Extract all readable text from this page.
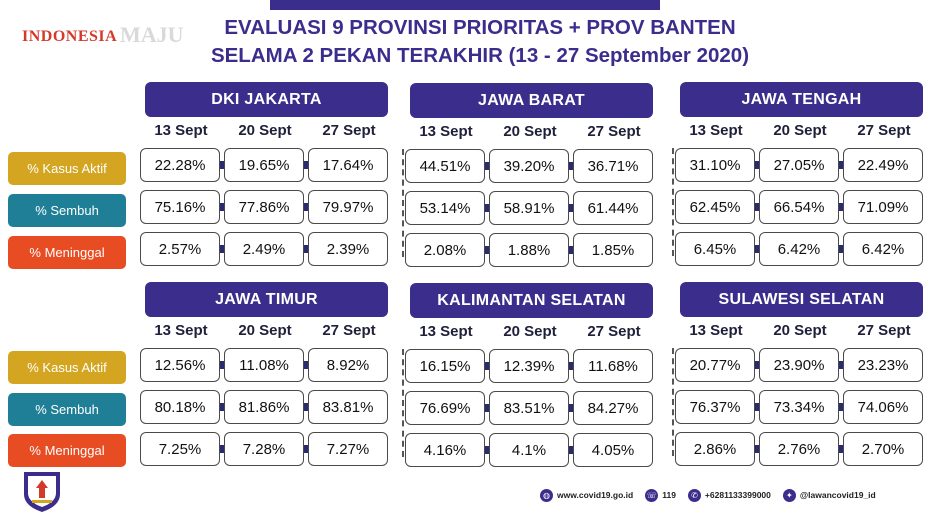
INDONESIA MAJU	EVALUASI 9 PROVINSI PRIORITAS + PROV BANTEN
SELAMA 2 PEKAN TERAKHIR (13 - 27 September 2020)
% Kasus Aktif
% Sembuh
% Meninggal
% Kasus Aktif
% Sembuh
% Meninggal
DKI JAKARTA
13 Sept	20 Sept	27 Sept
22.28%	19.65%	17.64%
75.16%	77.86%	79.97%
2.57%	2.49%	2.39%
JAWA BARAT
13 Sept	20 Sept	27 Sept
44.51%	39.20%	36.71%
53.14%	58.91%	61.44%
2.08%	1.88%	1.85%
JAWA TENGAH
13 Sept	20 Sept	27 Sept
31.10%	27.05%	22.49%
62.45%	66.54%	71.09%
6.45%	6.42%	6.42%
JAWA TIMUR
13 Sept	20 Sept	27 Sept
12.56%	11.08%	8.92%
80.18%	81.86%	83.81%
7.25%	7.28%	7.27%
KALIMANTAN SELATAN
13 Sept	20 Sept	27 Sept
16.15%	12.39%	11.68%
76.69%	83.51%	84.27%
4.16%	4.1%	4.05%
SULAWESI SELATAN
13 Sept	20 Sept	27 Sept
20.77%	23.90%	23.23%
76.37%	73.34%	74.06%
2.86%	2.76%	2.70%
◍ www.covid19.go.id ☏ 119	✆ +6281133399000	✦ @lawancovid19_id
